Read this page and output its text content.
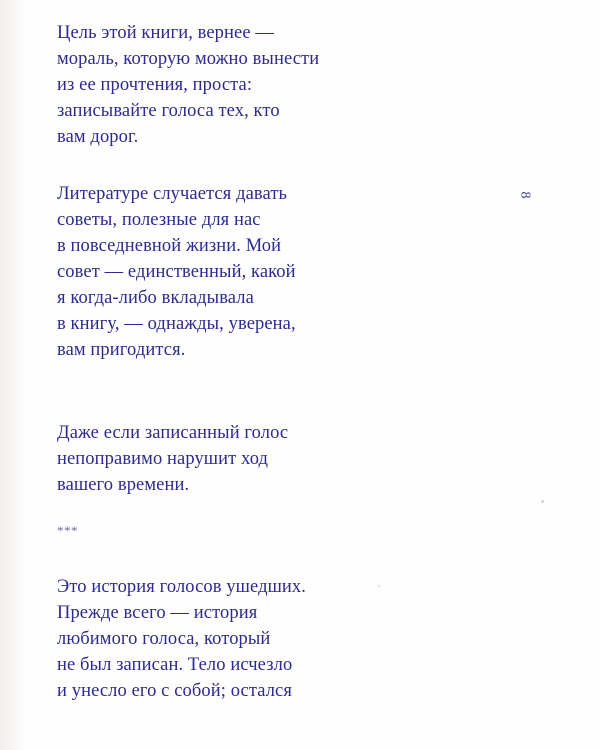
Цель этой книги, вернее —
мораль, которую можно вынести
из ее прочтения, проста:
записывайте голоса тех, кто
вам дорог.

Литературе случается давать
советы, полезные для нас
в повседневной жизни. Мой
совет — единственный, какой
я когда-либо вкладывала
в книгу, — однажды, уверена,
вам пригодится.

Даже если записанный голос
непоправимо нарушит ход
вашего времени.

***

Это история голосов ушедших.
Прежде всего — история
любимого голоса, который
не был записан. Тело исчезло
и унесло его с собой; остался

8
